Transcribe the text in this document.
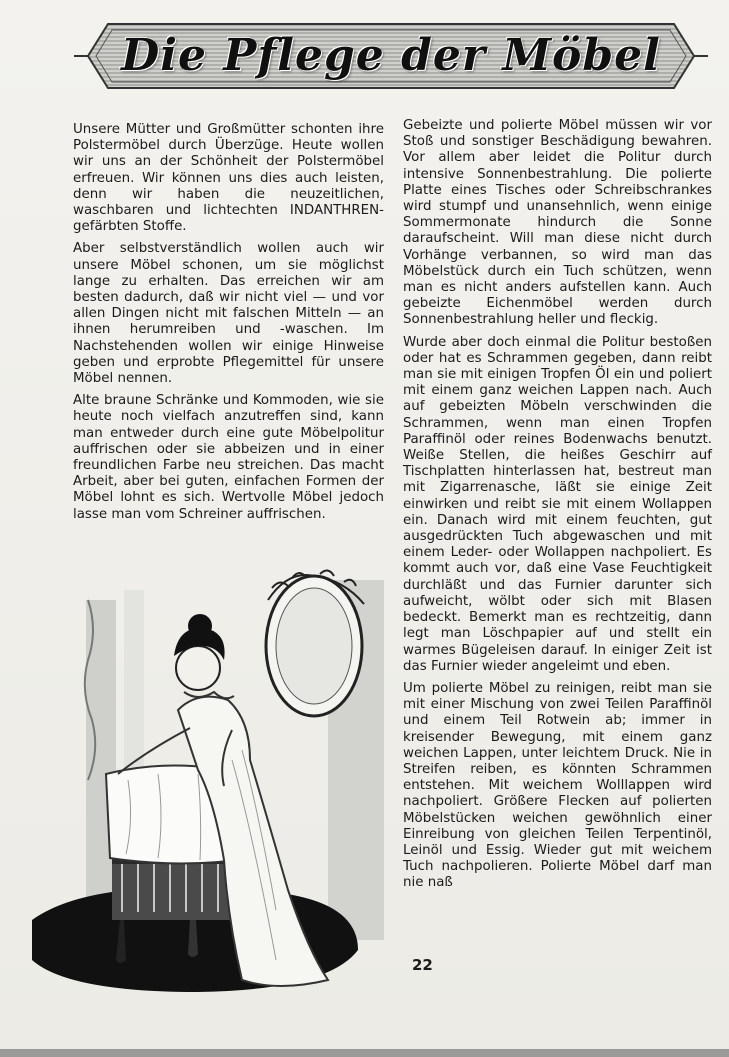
Die Pflege der Möbel

Unsere Mütter und Großmütter schonten ihre Polstermöbel durch Überzüge. Heute wollen wir uns an der Schönheit der Polstermöbel erfreuen. Wir können uns dies auch leisten, denn wir haben die neuzeitlichen, waschbaren und lichtechten INDANTHREN-gefärbten Stoffe.

Aber selbstverständlich wollen auch wir unsere Möbel schonen, um sie möglichst lange zu erhalten. Das erreichen wir am besten dadurch, daß wir nicht viel — und vor allen Dingen nicht mit falschen Mitteln — an ihnen herumreiben und -waschen. Im Nachstehenden wollen wir einige Hinweise geben und erprobte Pflegemittel für unsere Möbel nennen.

Alte braune Schränke und Kommoden, wie sie heute noch vielfach anzutreffen sind, kann man entweder durch eine gute Möbelpolitur auffrischen oder sie abbeizen und in einer freundlichen Farbe neu streichen. Das macht Arbeit, aber bei guten, einfachen Formen der Möbel lohnt es sich. Wertvolle Möbel jedoch lasse man vom Schreiner auffrischen.

Gebeizte und polierte Möbel müssen wir vor Stoß und sonstiger Beschädigung bewahren. Vor allem aber leidet die Politur durch intensive Sonnenbestrahlung. Die polierte Platte eines Tisches oder Schreibschrankes wird stumpf und unansehnlich, wenn einige Sommermonate hindurch die Sonne daraufscheint. Will man diese nicht durch Vorhänge verbannen, so wird man das Möbelstück durch ein Tuch schützen, wenn man es nicht anders aufstellen kann. Auch gebeizte Eichenmöbel werden durch Sonnenbestrahlung heller und fleckig.

Wurde aber doch einmal die Politur bestoßen oder hat es Schrammen gegeben, dann reibt man sie mit einigen Tropfen Öl ein und poliert mit einem ganz weichen Lappen nach. Auch auf gebeizten Möbeln verschwinden die Schrammen, wenn man einen Tropfen Paraffinöl oder reines Bodenwachs benutzt. Weiße Stellen, die heißes Geschirr auf Tischplatten hinterlassen hat, bestreut man mit Zigarrenasche, läßt sie einige Zeit einwirken und reibt sie mit einem Wollappen ein. Danach wird mit einem feuchten, gut ausgedrückten Tuch abgewaschen und mit einem Leder- oder Wollappen nachpoliert. Es kommt auch vor, daß eine Vase Feuchtigkeit durchläßt und das Furnier darunter sich aufweicht, wölbt oder sich mit Blasen bedeckt. Bemerkt man es rechtzeitig, dann legt man Löschpapier auf und stellt ein warmes Bügeleisen darauf. In einiger Zeit ist das Furnier wieder angeleimt und eben.

Um polierte Möbel zu reinigen, reibt man sie mit einer Mischung von zwei Teilen Paraffinöl und einem Teil Rotwein ab; immer in kreisender Bewegung, mit einem ganz weichen Lappen, unter leichtem Druck. Nie in Streifen reiben, es könnten Schrammen entstehen. Mit weichem Wolllappen wird nachpoliert. Größere Flecken auf polierten Möbelstücken weichen gewöhnlich einer Einreibung von gleichen Teilen Terpentinöl, Leinöl und Essig. Wieder gut mit weichem Tuch nachpolieren. Polierte Möbel darf man nie naß

22
